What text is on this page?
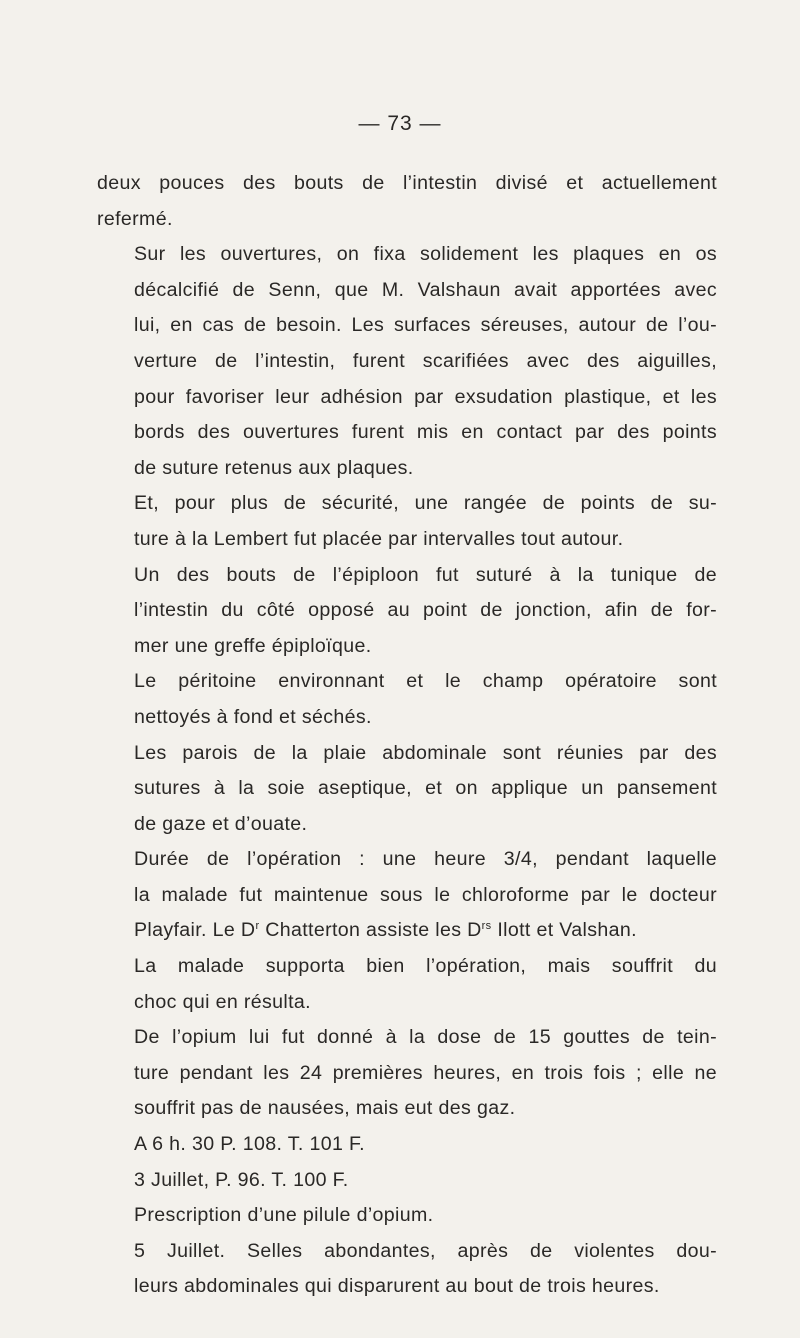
— 73 —

deux pouces des bouts de l’intestin divisé et actuellement
refermé.

Sur les ouvertures, on fixa solidement les plaques en os
décalcifié de Senn, que M. Valshaun avait apportées avec
lui, en cas de besoin. Les surfaces séreuses, autour de l’ou-
verture de l’intestin, furent scarifiées avec des aiguilles,
pour favoriser leur adhésion par exsudation plastique, et les
bords des ouvertures furent mis en contact par des points
de suture retenus aux plaques.

Et, pour plus de sécurité, une rangée de points de su-
ture à la Lembert fut placée par intervalles tout autour.

Un des bouts de l’épiploon fut suturé à la tunique de
l’intestin du côté opposé au point de jonction, afin de for-
mer une greffe épiploïque.

Le péritoine environnant et le champ opératoire sont
nettoyés à fond et séchés.

Les parois de la plaie abdominale sont réunies par des
sutures à la soie aseptique, et on applique un pansement
de gaze et d’ouate.

Durée de l’opération : une heure 3/4, pendant laquelle
la malade fut maintenue sous le chloroforme par le docteur
Playfair. Le $D^r$ Chatterton assiste les $D^{rs}$ Ilott et Valshan.

La malade supporta bien l’opération, mais souffrit du
choc qui en résulta.

De l’opium lui fut donné à la dose de 15 gouttes de tein-
ture pendant les 24 premières heures, en trois fois ; elle ne
souffrit pas de nausées, mais eut des gaz.

A 6 h. 30 P. 108. T. 101 F.

3 Juillet, P. 96. T. 100 F.

Prescription d’une pilule d’opium.

5 Juillet. Selles abondantes, après de violentes dou-
leurs abdominales qui disparurent au bout de trois heures.
